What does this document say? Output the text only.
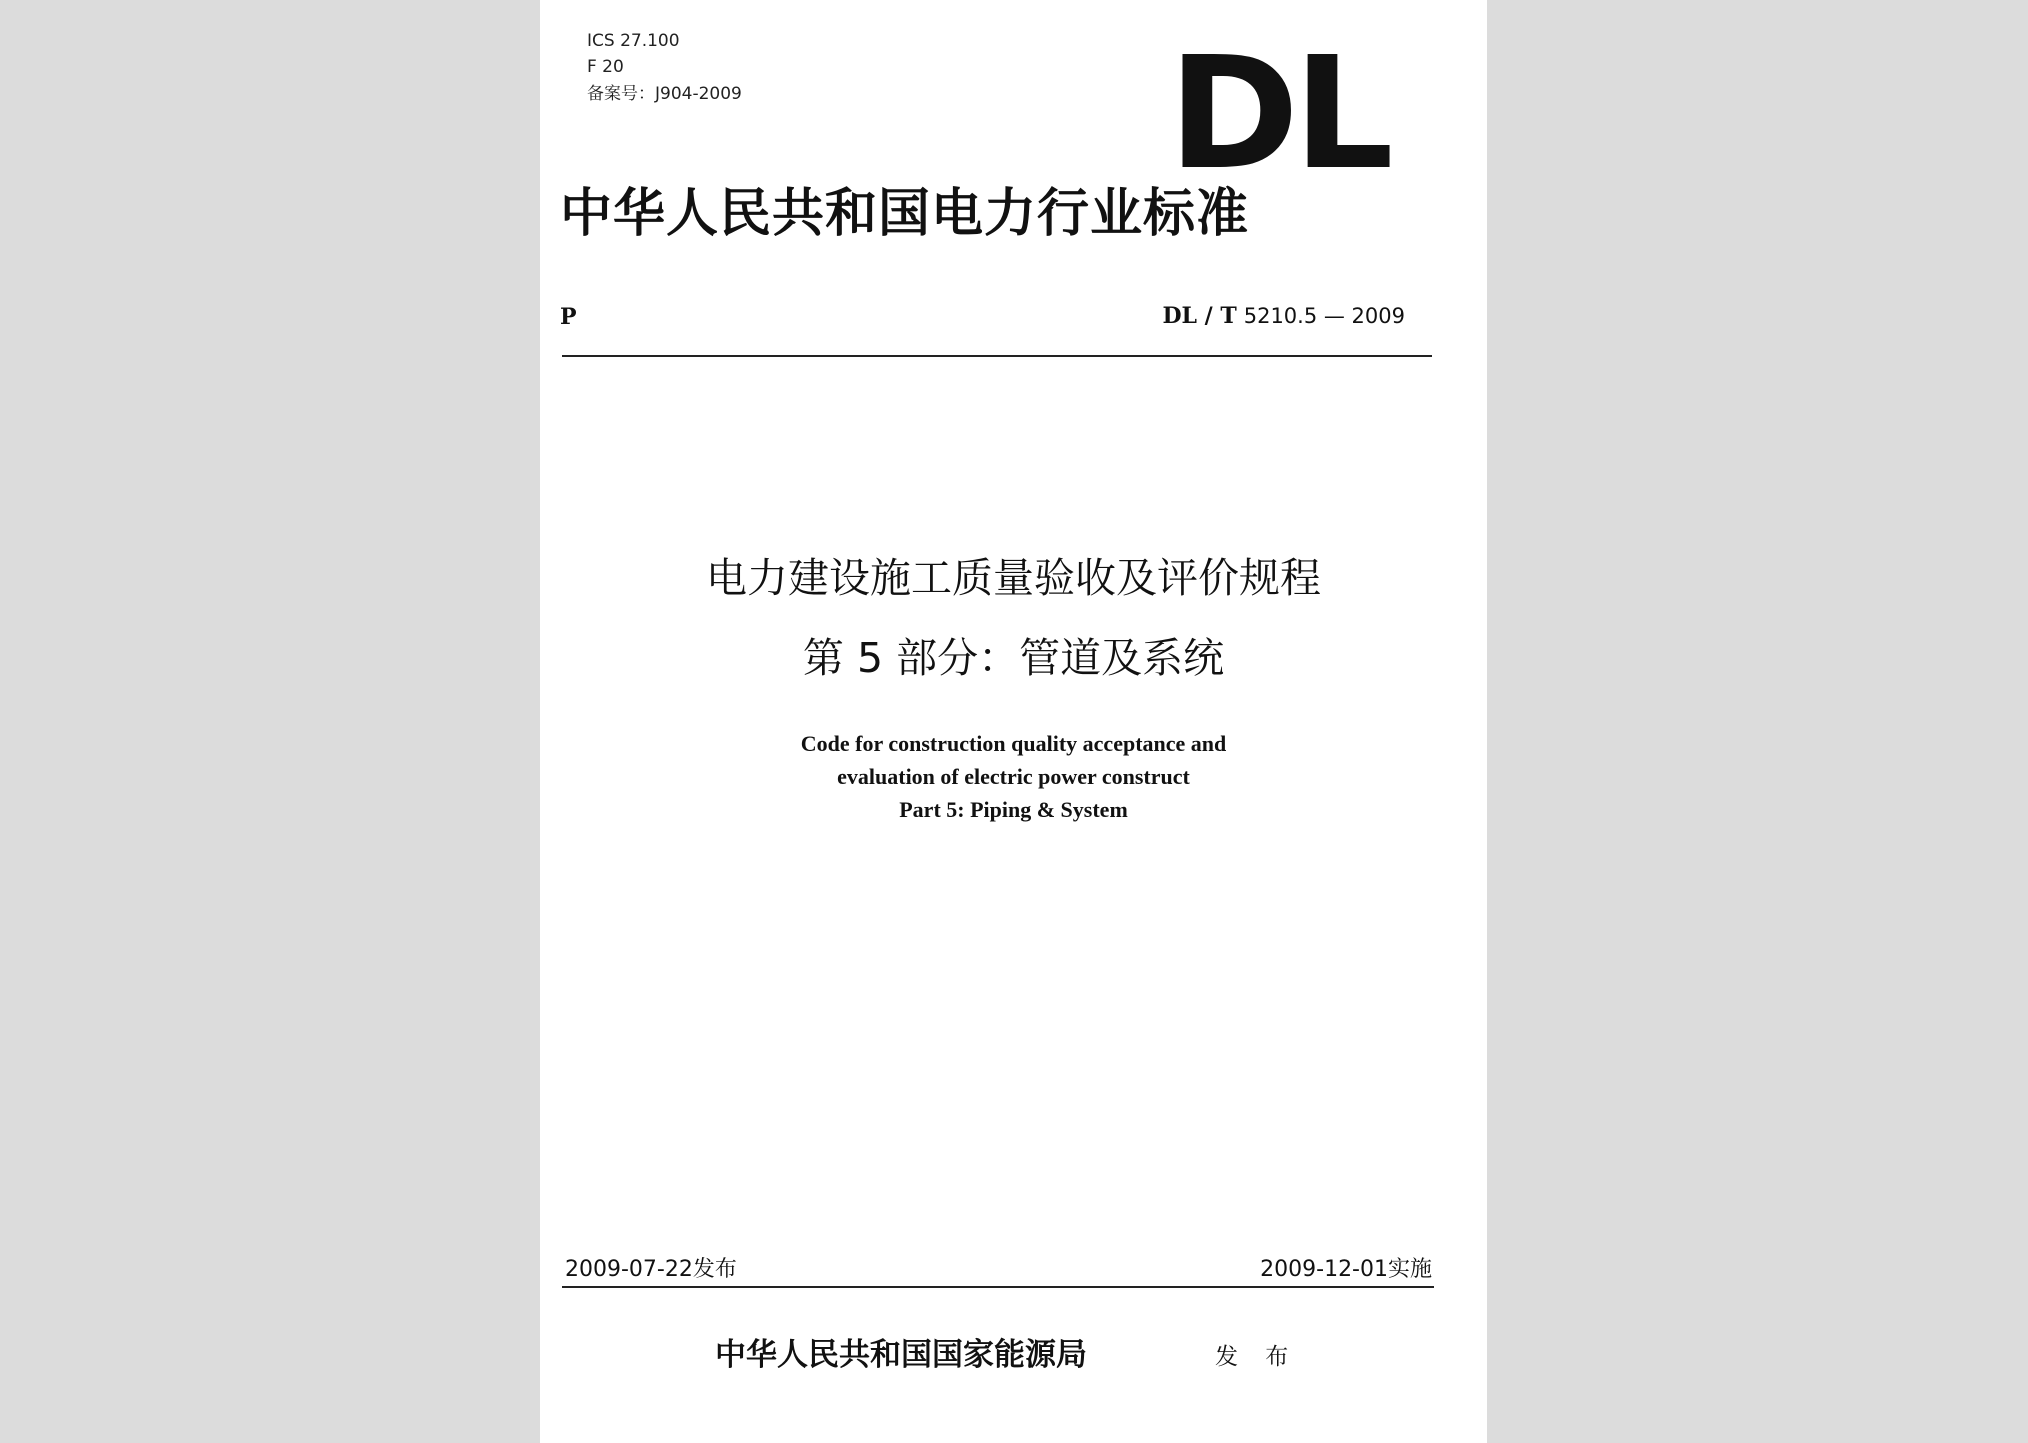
ICS 27.100
F 20
备案号：J904-2009	DL
中华人民共和国电力行业标准
P	DL / T 5210.5 — 2009
电力建设施工质量验收及评价规程
第 5 部分：管道及系统
Code for construction quality acceptance and
evaluation of electric power construct
Part 5: Piping & System
2009-07-22发布	2009-12-01实施
中华人民共和国国家能源局	发 布
